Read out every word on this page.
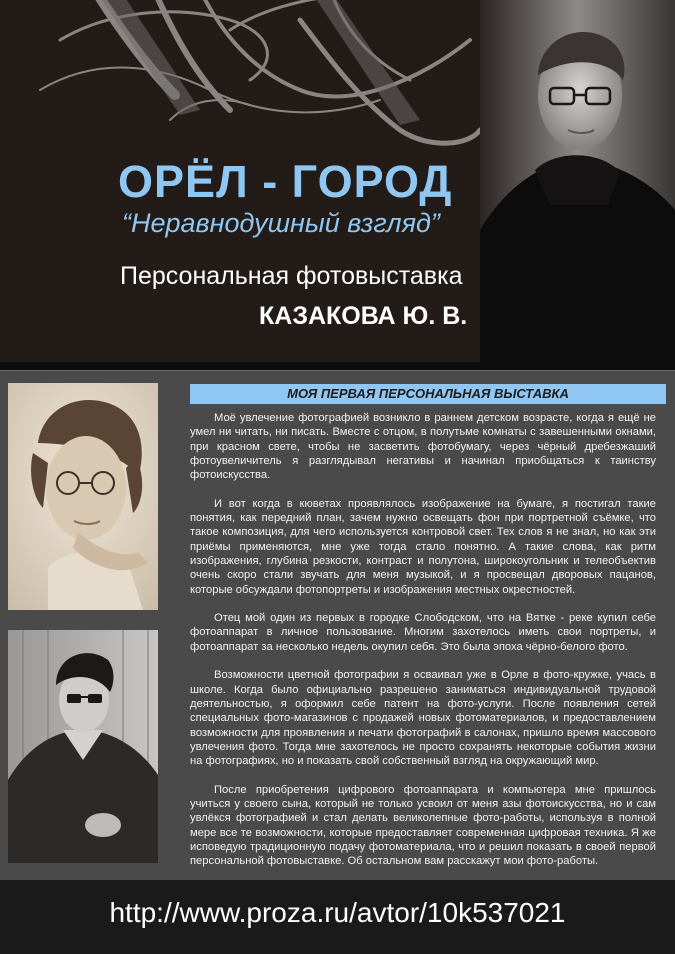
ОРЁЛ - ГОРОД
“Неравнодушный взгляд”
Персональная фотовыставка
КАЗАКОВА Ю. В.
МОЯ ПЕРВАЯ ПЕРСОНАЛЬНАЯ ВЫСТАВКА

Моё увлечение фотографией возникло в раннем детском возрасте, когда я ещё не умел ни читать, ни писать. Вместе с отцом, в полутьме комнаты с завешенными окнами, при красном свете, чтобы не засветить фотобумагу, через чёрный дребезжаший фотоувеличитель я разглядывал негативы и начинал приобщаться к таинству фотоискусства.

И вот когда в кюветах проявлялось изображение на бумаге, я постигал такие понятия, как передний план, зачем нужно освещать фон при портретной съёмке, что такое композиция, для чего используется контровой свет. Тех слов я не знал, но как эти приёмы применяются, мне уже тогда стало понятно. А такие слова, как ритм изображения, глубина резкости, контраст и полутона, широкоугольник и телеобъектив очень скоро стали звучать для меня музыкой, и я просвещал дворовых пацанов, которые обсуждали фотопортреты и изображения местных окрестностей.

Отец мой один из первых в городке Слободском, что на Вятке - реке купил себе фотоаппарат в личное пользование. Многим захотелось иметь свои портреты, и фотоаппарат за несколько недель окупил себя. Это была эпоха чёрно-белого фото.

Возможности цветной фотографии я осваивал уже в Орле в фото-кружке, учась в школе. Когда было официально разрешено заниматься индивидуальной трудовой деятельностью, я оформил себе патент на фото-услуги. После появления сетей специальных фото-магазинов с продажей новых фотоматериалов, и предоставлением возможности для проявления и печати фотографий в салонах, пришло время массового увлечения фото. Тогда мне захотелось не просто сохранять некоторые события жизни на фотографиях, но и показать свой собственный взгляд на окружающий мир.

После приобретения цифрового фотоаппарата и компьютера мне пришлось учиться у своего сына, который не только усвоил от меня азы фотоискусства, но и сам увлёкся фотографией и стал делать великолепные фото-работы, используя в полной мере все те возможности, которые предоставляет современная цифровая техника. Я же исповедую традиционную подачу фотоматериала, что и решил показать в своей первой персональной фотовыставке. Об остальном вам расскажут мои фото-работы.

http://www.proza.ru/avtor/10k537021
